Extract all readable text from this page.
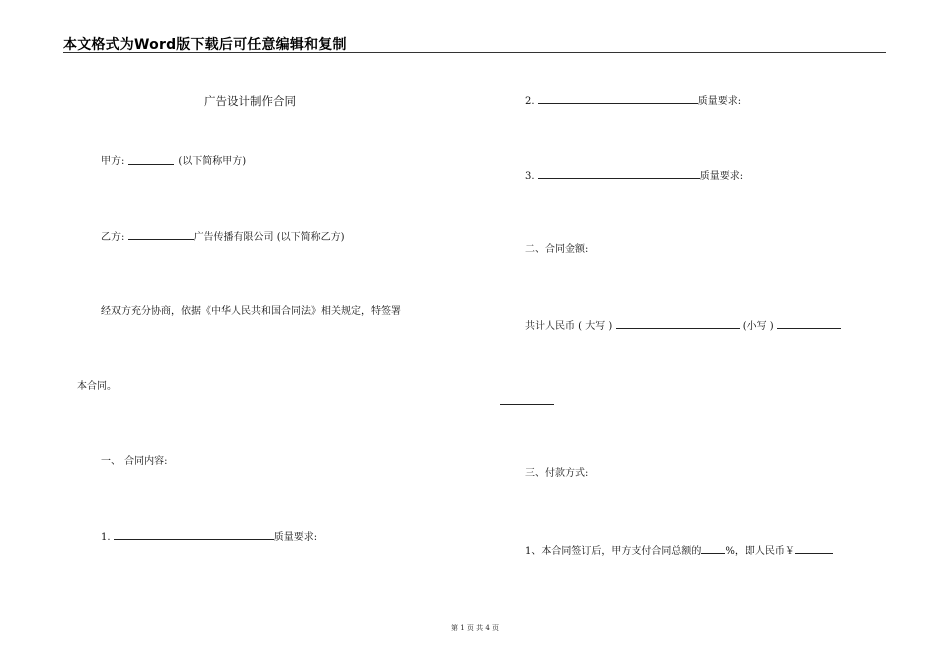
本文格式为Word版下载后可任意编辑和复制
广告设计制作合同
甲方:	(以下简称甲方)
乙方:	广告传播有限公司 (以下简称乙方)
经双方充分协商，依据《中华人民共和国合同法》相关规定，特签署
本合同。
一、 合同内容:
1.	质量要求:
2.	质量要求:
3.	质量要求:
二、合同金额:
共计人民币 ( 大写 )	(小写 )
三、付款方式:
1、本合同签订后，甲方支付合同总额的 %，即人民币￥
第 1 页 共 4 页
